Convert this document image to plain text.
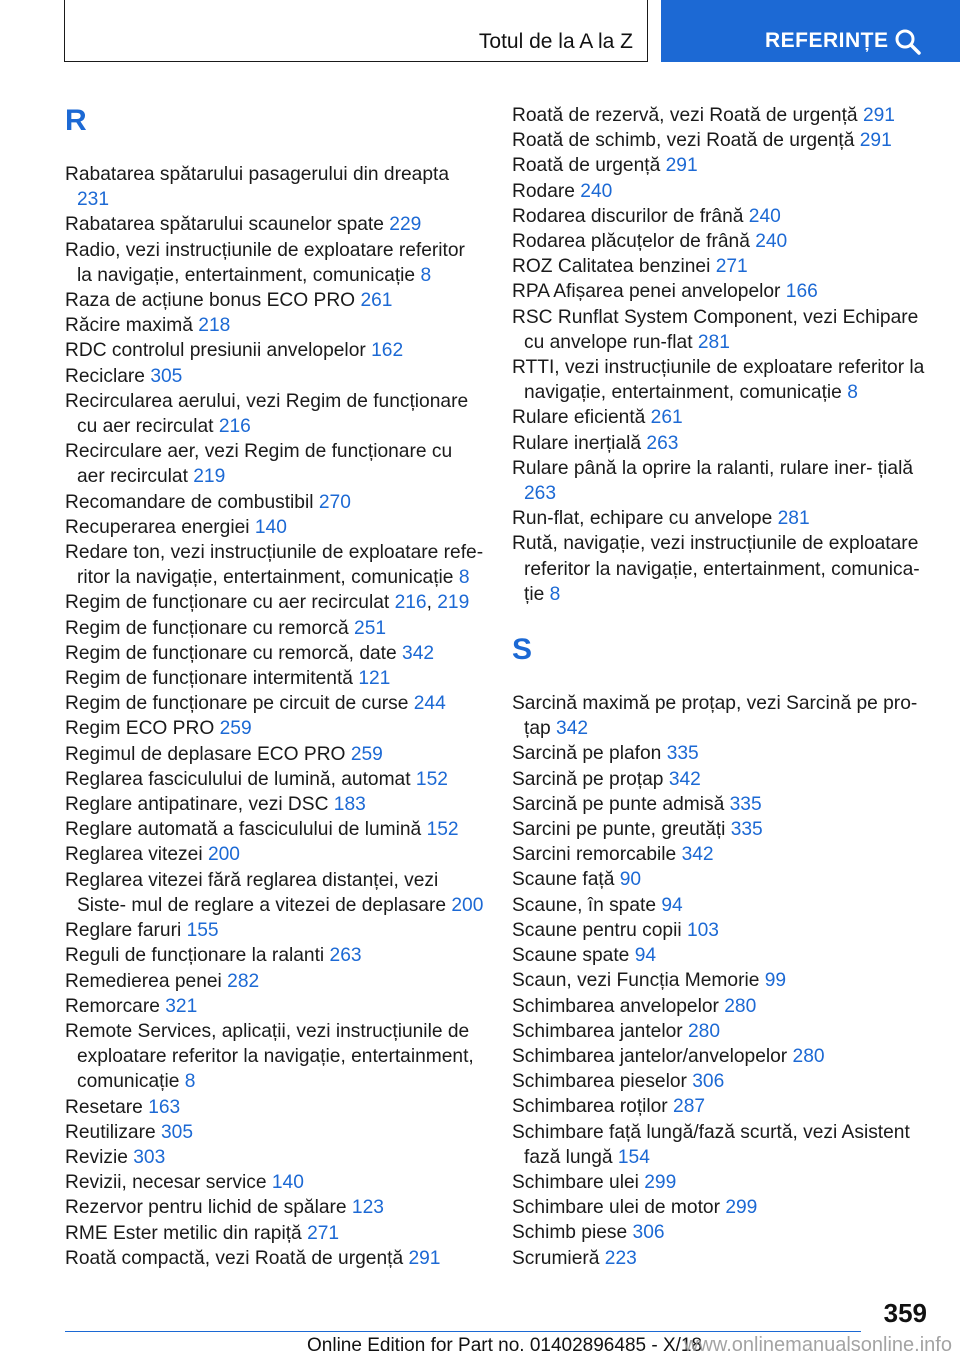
Totul de la A la Z	REFERINȚE
R
Rabatarea spătarului pasagerului din dreapta 231
Rabatarea spătarului scaunelor spate 229
Radio, vezi instrucțiunile de exploatare referitor la navigație, entertainment, comunicație 8
Raza de acțiune bonus ECO PRO 261
Răcire maximă 218
RDC controlul presiunii anvelopelor 162
Reciclare 305
Recircularea aerului, vezi Regim de funcționare cu aer recirculat 216
Recirculare aer, vezi Regim de funcționare cu aer recirculat 219
Recomandare de combustibil 270
Recuperarea energiei 140
Redare ton, vezi instrucțiunile de exploatare refe- ritor la navigație, entertainment, comunicație 8
Regim de funcționare cu aer recirculat 216, 219
Regim de funcționare cu remorcă 251
Regim de funcționare cu remorcă, date 342
Regim de funcționare intermitentă 121
Regim de funcționare pe circuit de curse 244
Regim ECO PRO 259
Regimul de deplasare ECO PRO 259
Reglarea fasciculului de lumină, automat 152
Reglare antipatinare, vezi DSC 183
Reglare automată a fasciculului de lumină 152
Reglarea vitezei 200
Reglarea vitezei fără reglarea distanței, vezi Siste- mul de reglare a vitezei de deplasare 200
Reglare faruri 155
Reguli de funcționare la ralanti 263
Remedierea penei 282
Remorcare 321
Remote Services, aplicații, vezi instrucțiunile de exploatare referitor la navigație, entertainment, comunicație 8
Resetare 163
Reutilizare 305
Revizie 303
Revizii, necesar service 140
Rezervor pentru lichid de spălare 123
RME Ester metilic din rapiță 271
Roată compactă, vezi Roată de urgență 291
Roată de rezervă, vezi Roată de urgență 291
Roată de schimb, vezi Roată de urgență 291
Roată de urgență 291
Rodare 240
Rodarea discurilor de frână 240
Rodarea plăcuțelor de frână 240
ROZ Calitatea benzinei 271
RPA Afișarea penei anvelopelor 166
RSC Runflat System Component, vezi Echipare cu anvelope run-flat 281
RTTI, vezi instrucțiunile de exploatare referitor la navigație, entertainment, comunicație 8
Rulare eficientă 261
Rulare inerțială 263
Rulare până la oprire la ralanti, rulare iner- țială 263
Run-flat, echipare cu anvelope 281
Rută, navigație, vezi instrucțiunile de exploatare referitor la navigație, entertainment, comunica- ție 8
S
Sarcină maximă pe proțap, vezi Sarcină pe pro- țap 342
Sarcină pe plafon 335
Sarcină pe proțap 342
Sarcină pe punte admisă 335
Sarcini pe punte, greutăți 335
Sarcini remorcabile 342
Scaune față 90
Scaune, în spate 94
Scaune pentru copii 103
Scaune spate 94
Scaun, vezi Funcția Memorie 99
Schimbarea anvelopelor 280
Schimbarea jantelor 280
Schimbarea jantelor/anvelopelor 280
Schimbarea pieselor 306
Schimbarea roților 287
Schimbare față lungă/fază scurtă, vezi Asistent fază lungă 154
Schimbare ulei 299
Schimbare ulei de motor 299
Schimb piese 306
Scrumieră 223
359
Online Edition for Part no. 01402896485 - X/18
www.onlinemanualsonline.info
